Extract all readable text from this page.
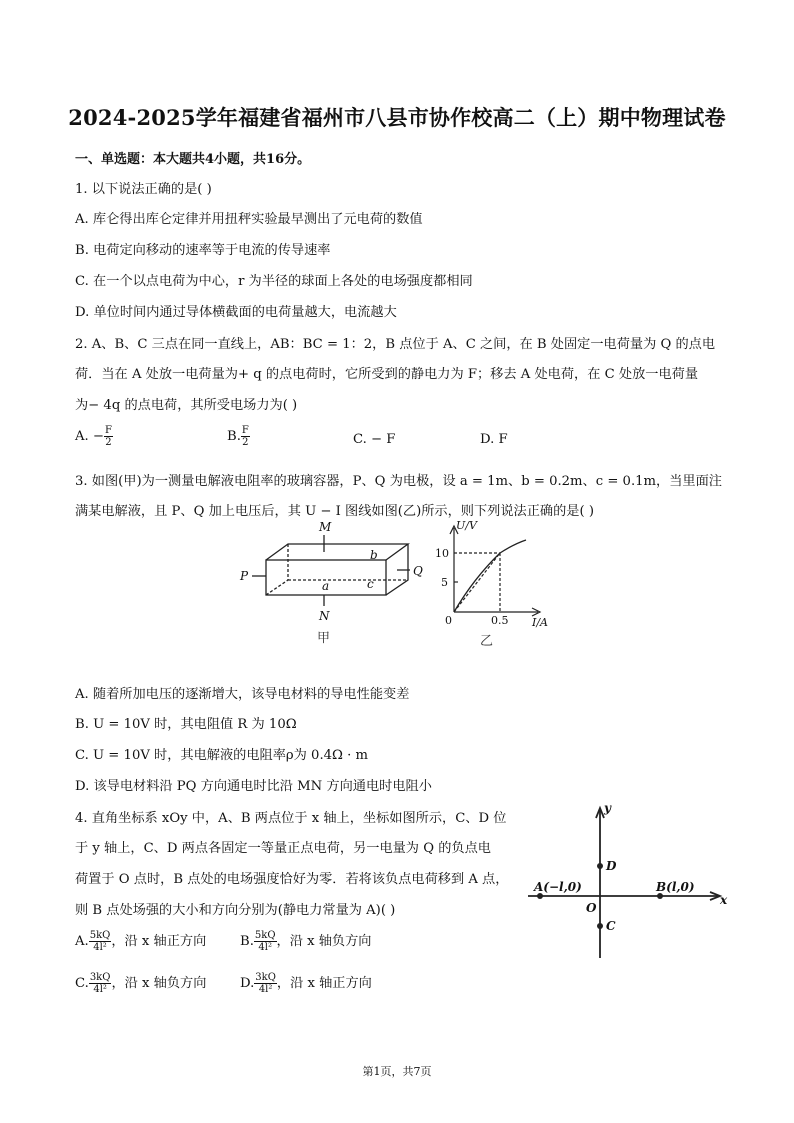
2024-2025学年福建省福州市八县市协作校高二（上）期中物理试卷
一、单选题：本大题共4小题，共16分。
1. 以下说法正确的是( )
A. 库仑得出库仑定律并用扭秤实验最早测出了元电荷的数值
B. 电荷定向移动的速率等于电流的传导速率
C. 在一个以点电荷为中心，r 为半径的球面上各处的电场强度都相同
D. 单位时间内通过导体横截面的电荷量越大，电流越大
2. A、B、C 三点在同一直线上，AB：BC = 1：2，B 点位于 A、C 之间，在 B 处固定一电荷量为 Q 的点电
荷．当在 A 处放一电荷量为+ q 的点电荷时，它所受到的静电力为 F；移去 A 处电荷，在 C 处放一电荷量
为− 4q 的点电荷，其所受电场力为( )
A. − $\frac{F}{2}$	B. $\frac{F}{2}$	C. − F	D. F
3. 如图(甲)为一测量电解液电阻率的玻璃容器，P、Q 为电极，设 a = 1m、b = 0.2m、c = 0.1m，当里面注
满某电解液，且 P、Q 加上电压后，其 U − I 图线如图(乙)所示，则下列说法正确的是( )
M
N
P	Q
a
b
c
甲
U/V
10
5
0	0.5 I/A
乙
A. 随着所加电压的逐渐增大，该导电材料的导电性能变差
B. U = 10V 时，其电阻值 R 为 10Ω
C. U = 10V 时，其电解液的电阻率ρ为 0.4Ω · m
D. 该导电材料沿 PQ 方向通电时比沿 MN 方向通电时电阻小
4. 直角坐标系 xOy 中，A、B 两点位于 x 轴上，坐标如图所示，C、D 位
于 y 轴上，C、D 两点各固定一等量正点电荷，另一电量为 Q 的负点电
荷置于 O 点时，B 点处的电场强度恰好为零．若将该负点电荷移到 A 点，
则 B 点处场强的大小和方向分别为(静电力常量为 A)( )
A. $\frac{5kQ}{\text{4l²}}$ ，沿 x 轴正方向	B. $\frac{5kQ}{\text{4l²}}$ ，沿 x 轴负方向
C. $\frac{3kQ}{\text{4l²}}$ ，沿 x 轴负方向	D. $\frac{3kQ}{\text{4l²}}$ ，沿 x 轴正方向
y
x
D
C
O
A(−l,0)	B(l,0)
第1页，共7页
